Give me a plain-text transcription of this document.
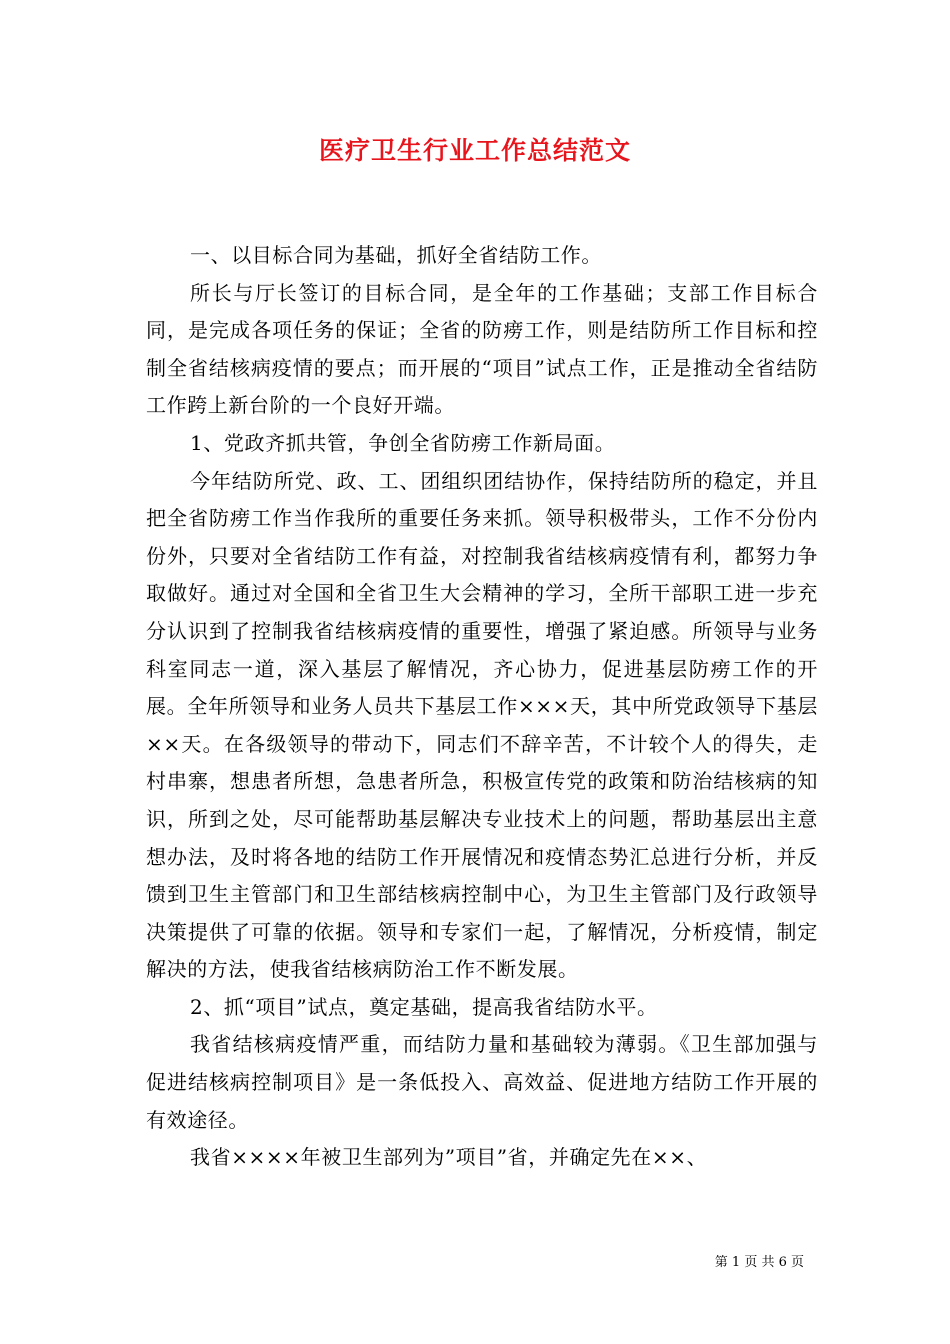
医疗卫生行业工作总结范文

一、以目标合同为基础，抓好全省结防工作。

所长与厅长签订的目标合同，是全年的工作基础；支部工作目标合同，是完成各项任务的保证；全省的防痨工作，则是结防所工作目标和控制全省结核病疫情的要点；而开展的“项目”试点工作，正是推动全省结防工作跨上新台阶的一个良好开端。

1、党政齐抓共管，争创全省防痨工作新局面。

今年结防所党、政、工、团组织团结协作，保持结防所的稳定，并且把全省防痨工作当作我所的重要任务来抓。领导积极带头，工作不分份内份外，只要对全省结防工作有益，对控制我省结核病疫情有利，都努力争取做好。通过对全国和全省卫生大会精神的学习，全所干部职工进一步充分认识到了控制我省结核病疫情的重要性，增强了紧迫感。所领导与业务科室同志一道，深入基层了解情况，齐心协力，促进基层防痨工作的开展。全年所领导和业务人员共下基层工作×××天，其中所党政领导下基层××天。在各级领导的带动下，同志们不辞辛苦，不计较个人的得失，走村串寨，想患者所想，急患者所急，积极宣传党的政策和防治结核病的知识，所到之处，尽可能帮助基层解决专业技术上的问题，帮助基层出主意想办法，及时将各地的结防工作开展情况和疫情态势汇总进行分析，并反馈到卫生主管部门和卫生部结核病控制中心，为卫生主管部门及行政领导决策提供了可靠的依据。领导和专家们一起，了解情况，分析疫情，制定解决的方法，使我省结核病防治工作不断发展。

2、抓“项目”试点，奠定基础，提高我省结防水平。

我省结核病疫情严重，而结防力量和基础较为薄弱。《卫生部加强与促进结核病控制项目》是一条低投入、高效益、促进地方结防工作开展的有效途径。

我省××××年被卫生部列为”项目”省，并确定先在××、

第 1 页 共 6 页
